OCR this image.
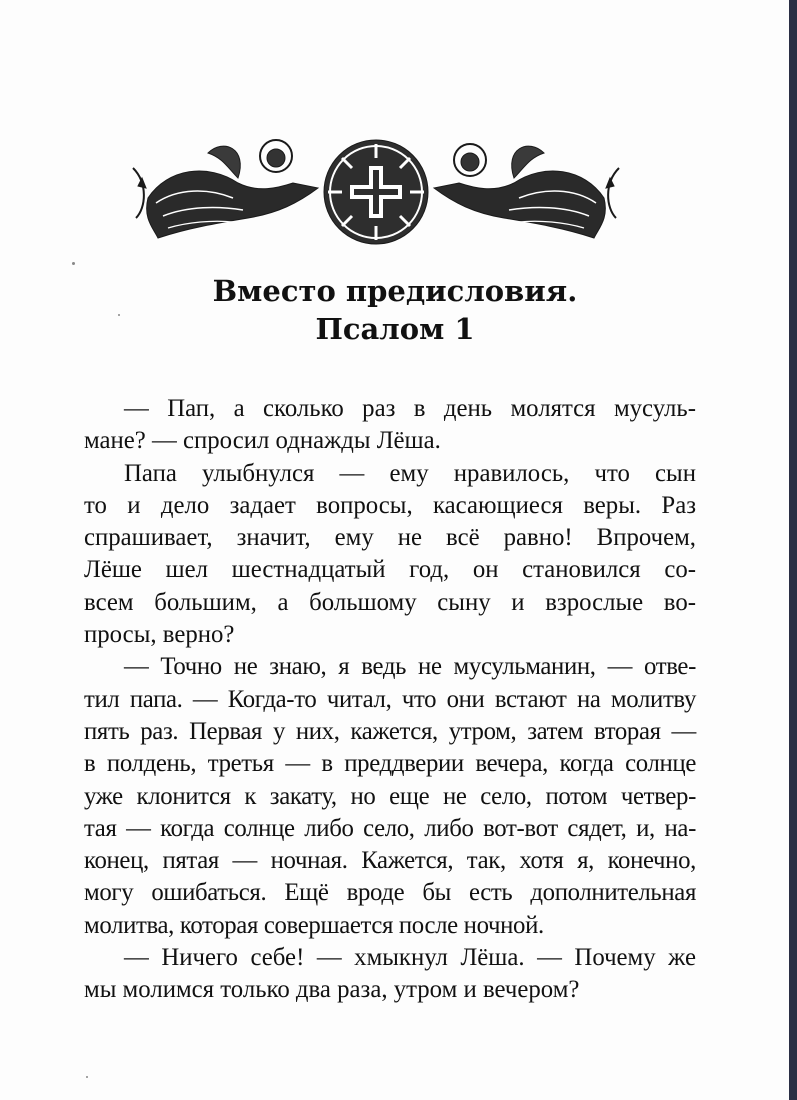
Вместо предисловия.
Псалом 1

— Пап, а сколько раз в день молятся мусуль-
мане? — спросил однажды Лёша.

Папа улыбнулся — ему нравилось, что сын
то и дело задает вопросы, касающиеся веры. Раз
спрашивает, значит, ему не всё равно! Впрочем,
Лёше шел шестнадцатый год, он становился со-
всем большим, а большому сыну и взрослые во-
просы, верно?

— Точно не знаю, я ведь не мусульманин, — отве-
тил папа. — Когда-то читал, что они встают на молитву
пять раз. Первая у них, кажется, утром, затем вторая —
в полдень, третья — в преддверии вечера, когда солнце
уже клонится к закату, но еще не село, потом четвер-
тая — когда солнце либо село, либо вот-вот сядет, и, на-
конец, пятая — ночная. Кажется, так, хотя я, конечно,
могу ошибаться. Ещё вроде бы есть дополнительная
молитва, которая совершается после ночной.

— Ничего себе! — хмыкнул Лёша. — Почему же
мы молимся только два раза, утром и вечером?
